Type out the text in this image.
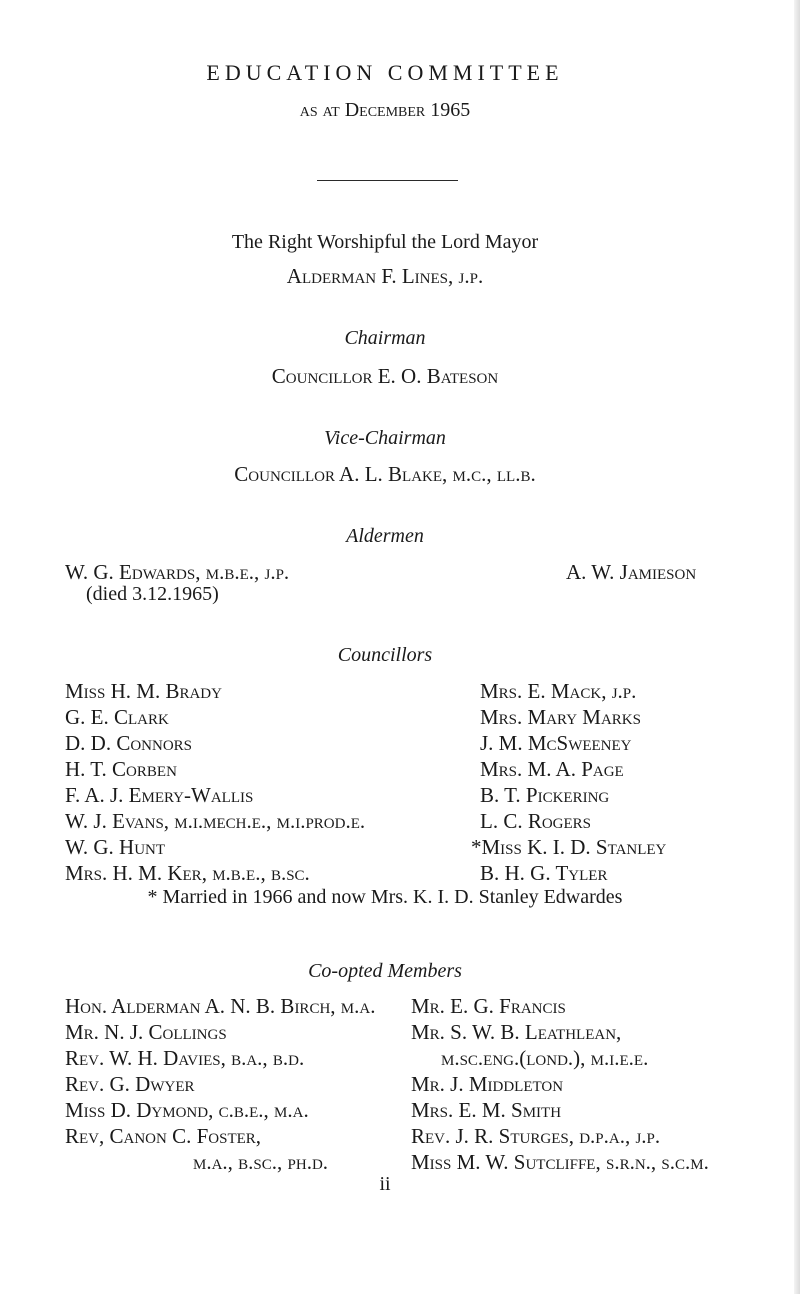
EDUCATION COMMITTEE
as at December 1965
The Right Worshipful the Lord Mayor
Alderman F. Lines, j.p.
Chairman
Councillor E. O. Bateson
Vice-Chairman
Councillor A. L. Blake, m.c., ll.b.
Aldermen
W. G. Edwards, m.b.e., j.p.
(died 3.12.1965)
A. W. Jamieson
Councillors
Miss H. M. Brady
G. E. Clark
D. D. Connors
H. T. Corben
F. A. J. Emery-Wallis
W. J. Evans, m.i.mech.e., m.i.prod.e.
W. G. Hunt
Mrs. H. M. Ker, m.b.e., b.sc.
Mrs. E. Mack, j.p.
Mrs. Mary Marks
J. M. McSweeney
Mrs. M. A. Page
B. T. Pickering
L. C. Rogers
*Miss K. I. D. Stanley
B. H. G. Tyler
* Married in 1966 and now Mrs. K. I. D. Stanley Edwardes
Co-opted Members
Hon. Alderman A. N. B. Birch, m.a.
Mr. N. J. Collings
Rev. W. H. Davies, b.a., b.d.
Rev. G. Dwyer
Miss D. Dymond, c.b.e., m.a.
Rev, Canon C. Foster,
m.a., b.sc., ph.d.
Mr. E. G. Francis
Mr. S. W. B. Leathlean,
m.sc.eng.(lond.), m.i.e.e.
Mr. J. Middleton
Mrs. E. M. Smith
Rev. J. R. Sturges, d.p.a., j.p.
Miss M. W. Sutcliffe, s.r.n., s.c.m.
ii
